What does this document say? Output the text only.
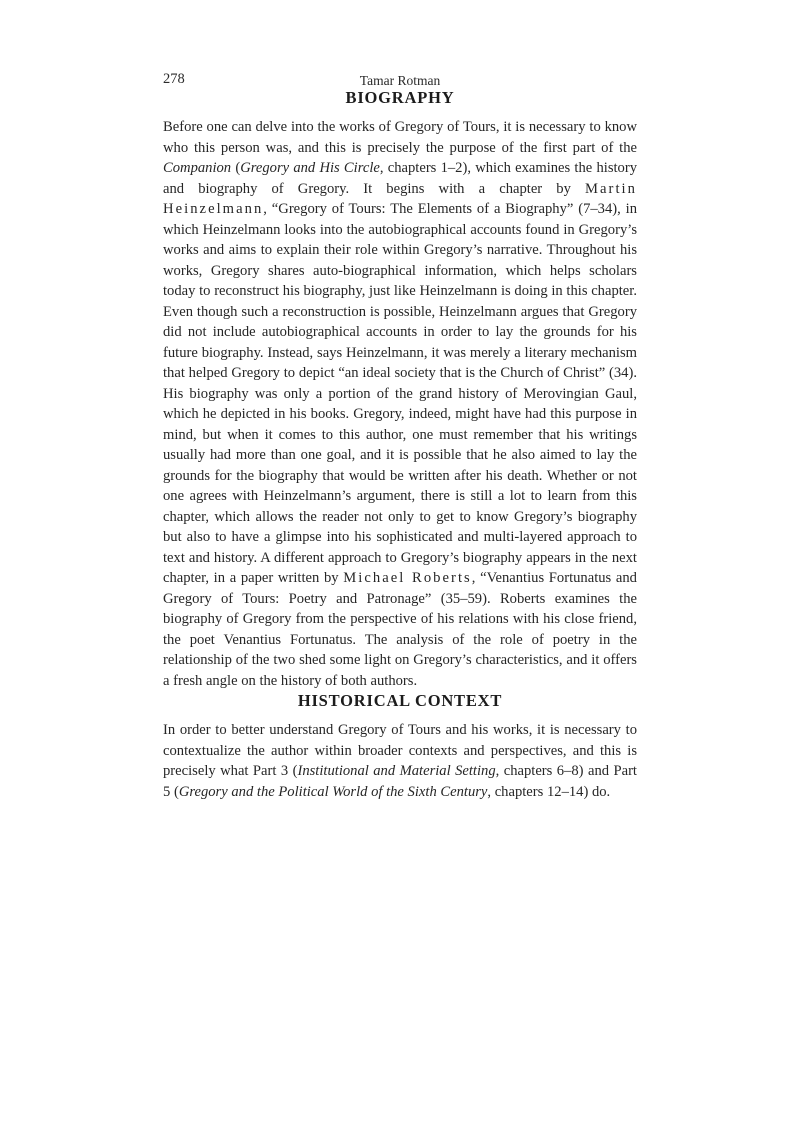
278	Tamar Rotman
BIOGRAPHY

Before one can delve into the works of Gregory of Tours, it is necessary to know who this person was, and this is precisely the purpose of the first part of the Companion (Gregory and His Circle, chapters 1–2), which examines the history and biography of Gregory. It begins with a chapter by Martin Heinzelmann, “Gregory of Tours: The Elements of a Biography” (7–34), in which Heinzelmann looks into the autobiographical accounts found in Gregory’s works and aims to explain their role within Gregory’s narrative. Throughout his works, Gregory shares auto-biographical information, which helps scholars today to reconstruct his biography, just like Heinzelmann is doing in this chapter. Even though such a reconstruction is possible, Heinzelmann argues that Gregory did not include autobiographical accounts in order to lay the grounds for his future biography. Instead, says Heinzelmann, it was merely a literary mechanism that helped Gregory to depict “an ideal society that is the Church of Christ” (34). His biography was only a portion of the grand history of Merovingian Gaul, which he depicted in his books. Gregory, indeed, might have had this purpose in mind, but when it comes to this author, one must remember that his writings usually had more than one goal, and it is possible that he also aimed to lay the grounds for the biography that would be written after his death. Whether or not one agrees with Heinzelmann’s argument, there is still a lot to learn from this chapter, which allows the reader not only to get to know Gregory’s biography but also to have a glimpse into his sophisticated and multi-layered approach to text and history. A different approach to Gregory’s biography appears in the next chapter, in a paper written by Michael Roberts, “Venantius Fortunatus and Gregory of Tours: Poetry and Patronage” (35–59). Roberts examines the biography of Gregory from the perspective of his relations with his close friend, the poet Venantius Fortunatus. The analysis of the role of poetry in the relationship of the two shed some light on Gregory’s characteristics, and it offers a fresh angle on the history of both authors.

HISTORICAL CONTEXT

In order to better understand Gregory of Tours and his works, it is necessary to contextualize the author within broader contexts and perspectives, and this is precisely what Part 3 (Institutional and Material Setting, chapters 6–8) and Part 5 (Gregory and the Political World of the Sixth Century, chapters 12–14) do.
